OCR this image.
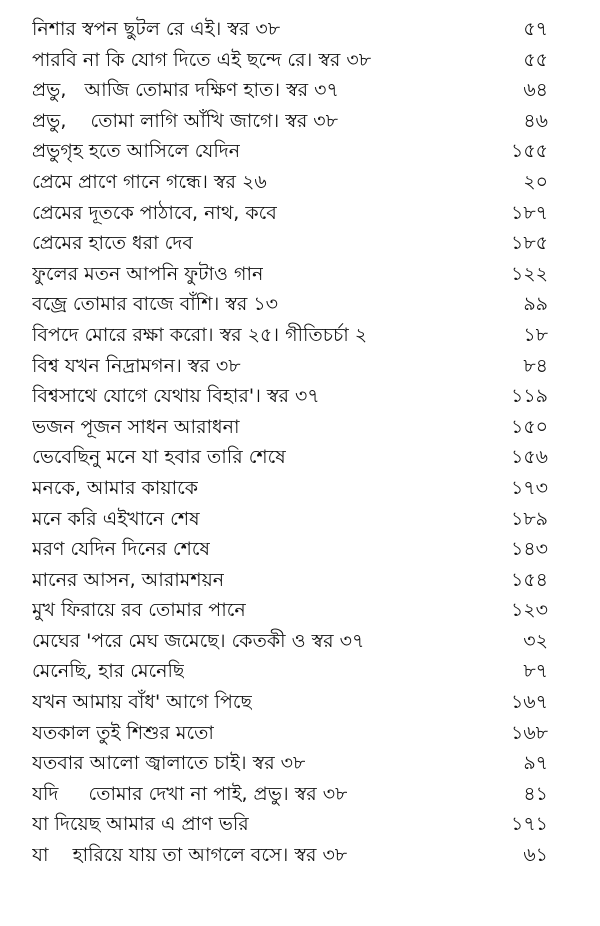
নিশার স্বপন ছুটল রে এই। স্বর ৩৮	৫৭
পারবি না কি যোগ দিতে এই ছন্দে রে। স্বর ৩৮	৫৫
প্রভু,   আজি তোমার দক্ষিণ হাত। স্বর ৩৭	৬৪
প্রভু,    তোমা লাগি আঁখি জাগে। স্বর ৩৮	৪৬
প্রভুগৃহ হতে আসিলে যেদিন	১৫৫
প্রেমে প্রাণে গানে গন্ধে। স্বর ২৬	২০
প্রেমের দূতকে পাঠাবে, নাথ, কবে	১৮৭
প্রেমের হাতে ধরা দেব	১৮৫
ফুলের মতন আপনি ফুটাও গান	১২২
বজ্রে তোমার বাজে বাঁশি। স্বর ১৩	৯৯
বিপদে মোরে রক্ষা করো। স্বর ২৫। গীতিচর্চা ২	১৮
বিশ্ব যখন নিদ্রামগন। স্বর ৩৮	৮৪
বিশ্বসাথে যোগে যেথায় বিহার'। স্বর ৩৭	১১৯
ভজন পূজন সাধন আরাধনা	১৫০
ভেবেছিনু মনে যা হবার তারি শেষে	১৫৬
মনকে, আমার কায়াকে	১৭৩
মনে করি এইখানে শেষ	১৮৯
মরণ যেদিন দিনের শেষে	১৪৩
মানের আসন, আরামশয়ন	১৫৪
মুখ ফিরায়ে রব তোমার পানে	১২৩
মেঘের 'পরে মেঘ জমেছে। কেতকী ও স্বর ৩৭	৩২
মেনেছি, হার মেনেছি	৮৭
যখন আমায় বাঁধ' আগে পিছে	১৬৭
যতকাল তুই শিশুর মতো	১৬৮
যতবার আলো জ্বালাতে চাই। স্বর ৩৮	৯৭
যদি     তোমার দেখা না পাই, প্রভু। স্বর ৩৮	৪১
যা দিয়েছ আমার এ প্রাণ ভরি	১৭১
যা    হারিয়ে যায় তা আগলে বসে। স্বর ৩৮	৬১
